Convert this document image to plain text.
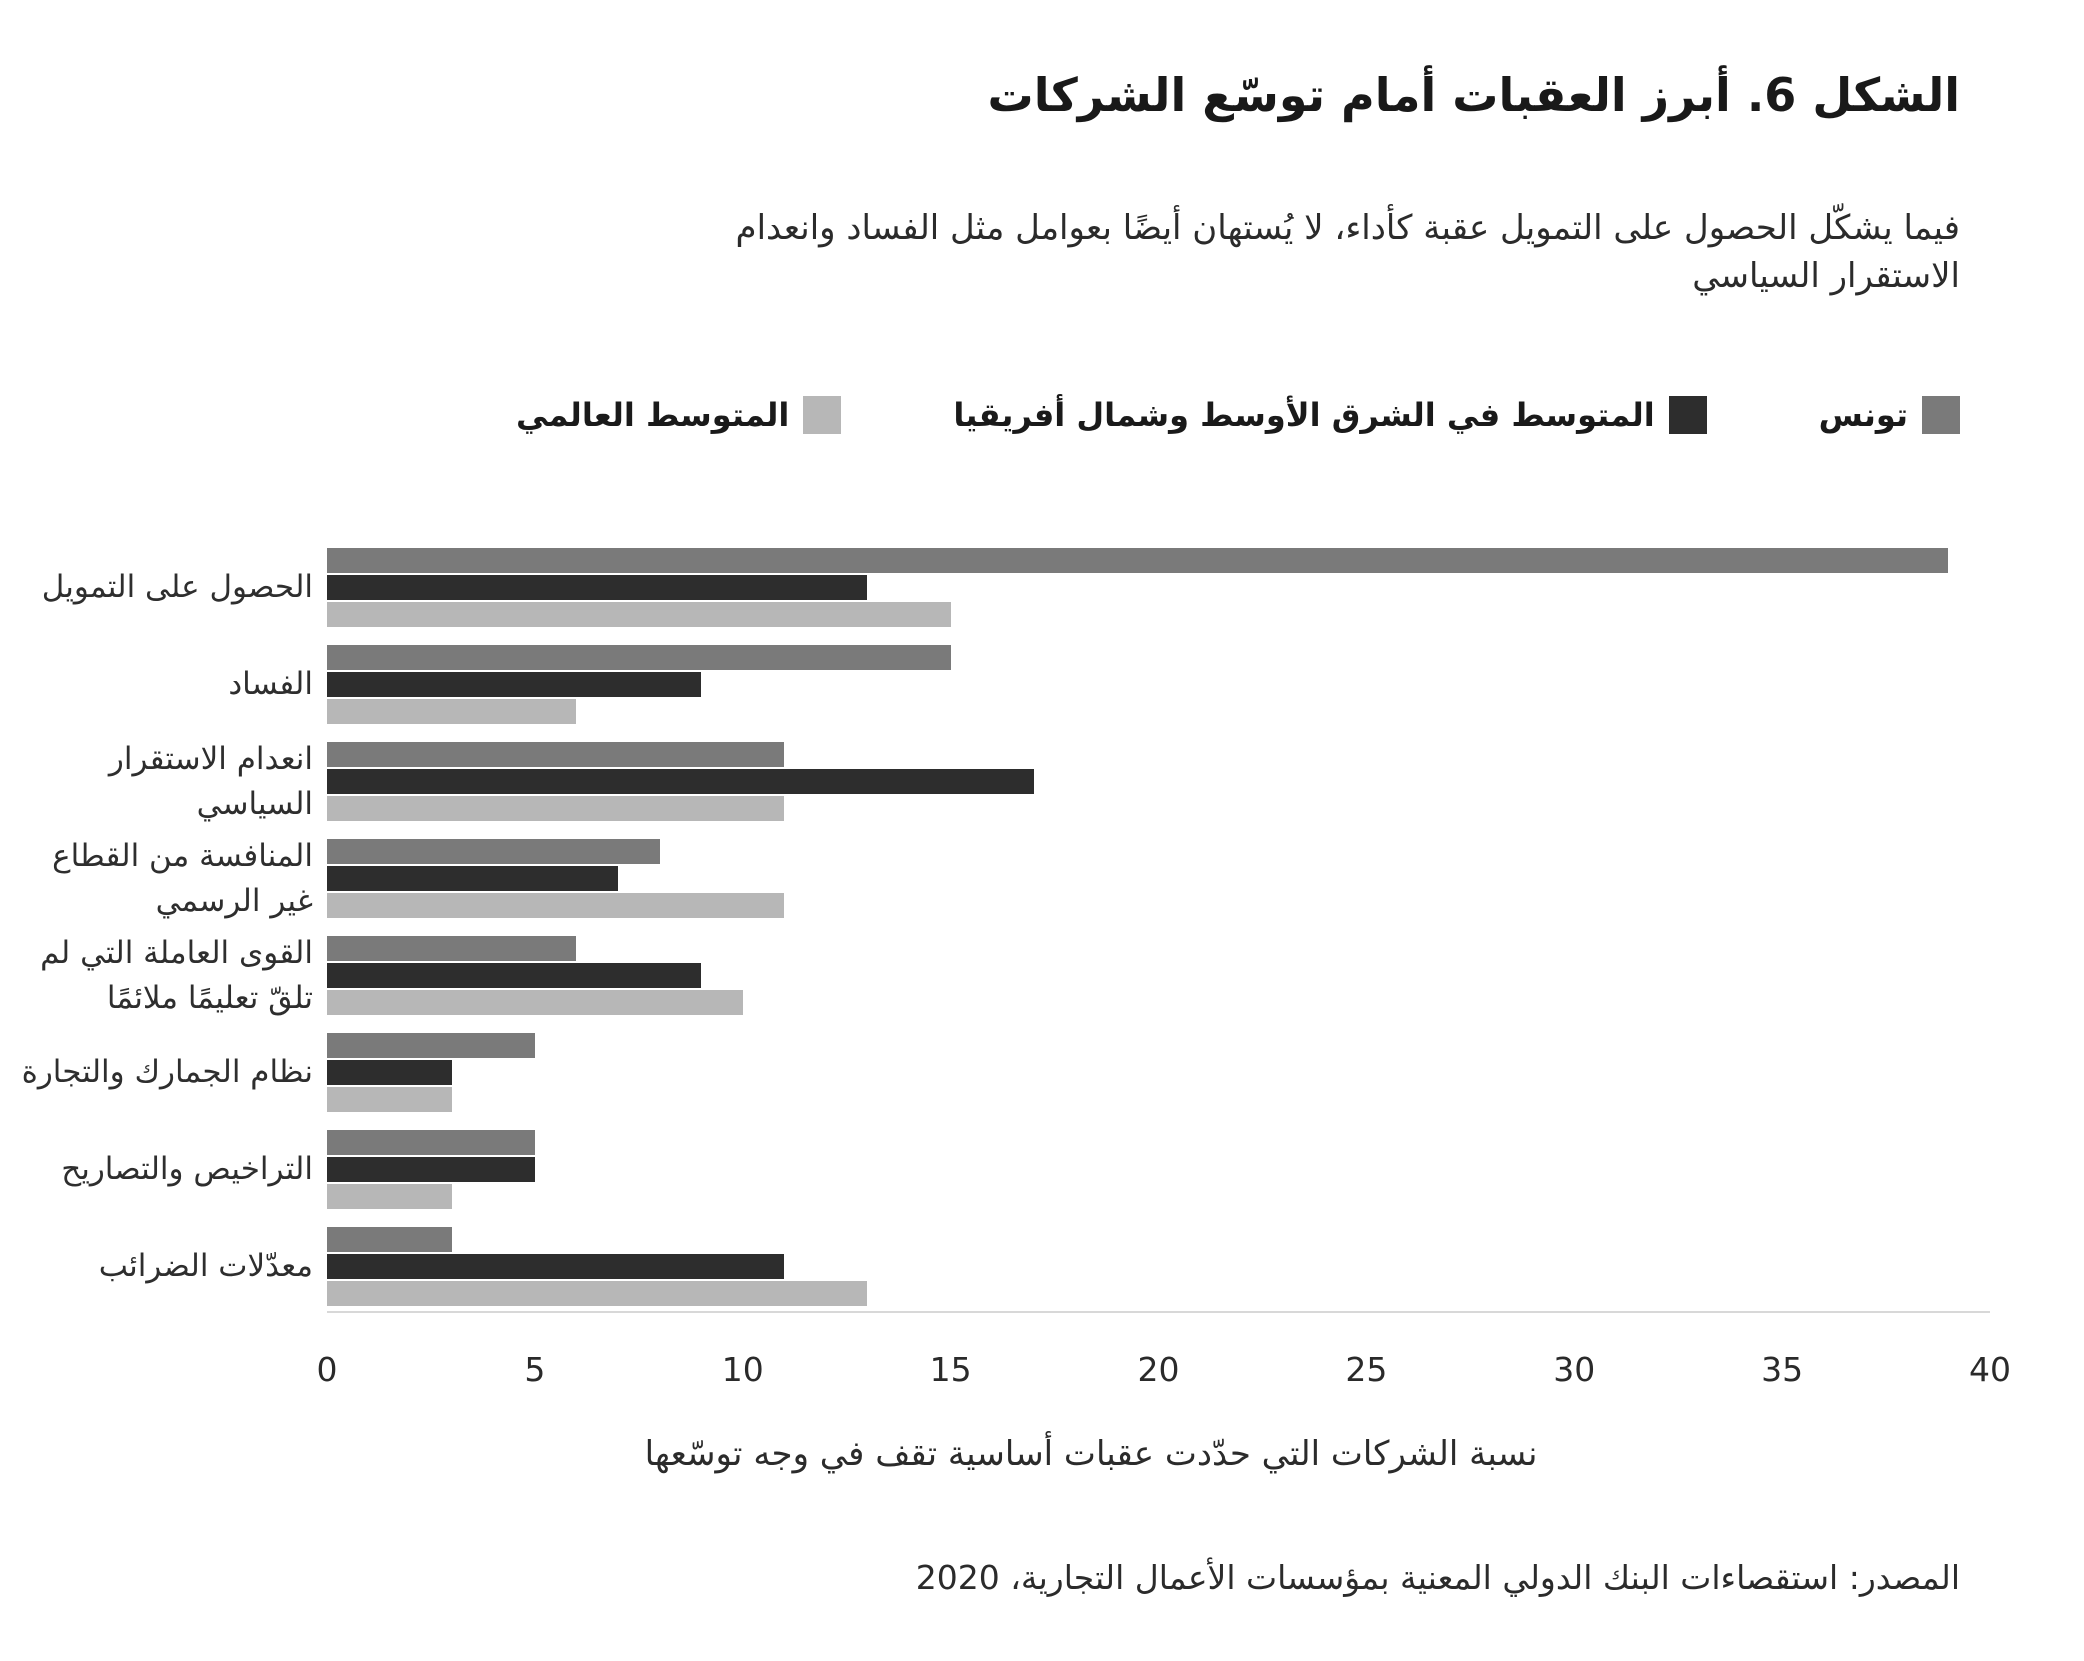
الشكل 6. أبرز العقبات أمام توسّع الشركات
فيما يشكّل الحصول على التمويل عقبة كأداء، لا يُستهان أيضًا بعوامل مثل الفساد وانعدام
الاستقرار السياسي
تونس
المتوسط في الشرق الأوسط وشمال أفريقيا
المتوسط العالمي
الحصول على التمويل
الفساد
انعدام الاستقرار السياسي
المنافسة من القطاع غير الرسمي
القوى العاملة التي لم تلقّ تعليمًا ملائمًا
نظام الجمارك والتجارة
التراخيص والتصاريح
معدّلات الضرائب
0	5	10	15	20	25	30	35	40
نسبة الشركات التي حدّدت عقبات أساسية تقف في وجه توسّعها
المصدر: استقصاءات البنك الدولي المعنية بمؤسسات الأعمال التجارية، 2020
